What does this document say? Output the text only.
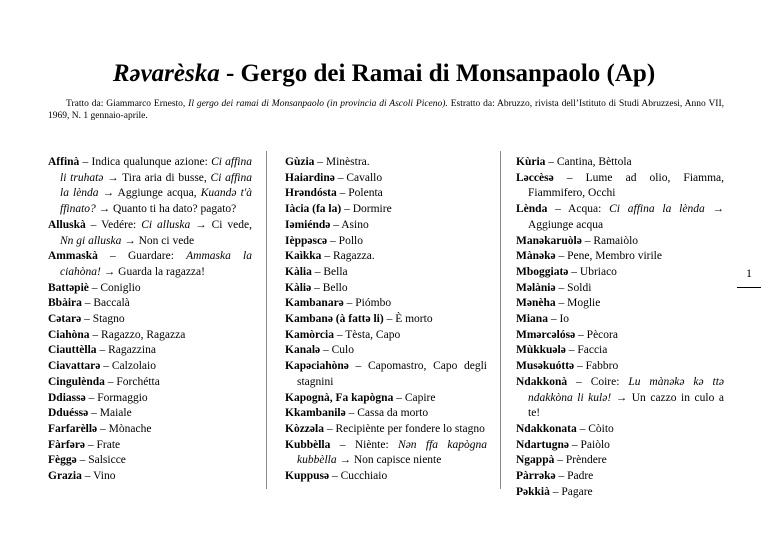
Rəvarèska - Gergo dei Ramai di Monsanpaolo (Ap)
Tratto da: Giammarco Ernesto, Il gergo dei ramai di Monsanpaolo (in provincia di Ascoli Piceno). Estratto da: Abruzzo, rivista dell’Istituto di Studi Abruzzesi, Anno VII, 1969, N. 1 gennaio-aprile.

Affinà – Indica qualunque azione: Ci affina li truhatə → Tira aria di busse, Ci affina la lènda → Aggiunge acqua, Kuandə t'à ffinato? → Quanto ti ha dato? pagato?

Alluskà – Vedére: Ci alluska → Ci vede, Nn gi alluska → Non ci vede

Ammaskà – Guardare: Ammaska la ciahòna! → Guarda la ragazza!

Battəpiè – Coniglio

Bbàira – Baccalà

Cətarə – Stagno

Ciahòna – Ragazzo, Ragazza

Ciauttèlla – Ragazzina

Ciavattarə – Calzolaio

Cingulènda – Forchétta

Ddiassə – Formaggio

Dduéssə – Maiale

Farfarèllə – Mònache

Fàrfərə – Frate

Fèggə – Salsicce

Grazia – Vino

Gùzia – Minèstra.

Haiardinə – Cavallo

Hrəndósta – Polenta

Iàcia (fa la) – Dormire

Iəmiéndə – Asino

Ièppəscə – Pollo

Kaìkka – Ragazza.

Kàlia – Bella

Kàliə – Bello

Kambanarə – Piómbo

Kambanə (à fattə li) – È morto

Kamòrcia – Tèsta, Capo

Kanalə – Culo

Kapəciahònə – Capomastro, Capo degli stagnini

Kapognà, Fa kapògna – Capire

Kkambanilə – Cassa da morto

Kòzzəla – Recipiènte per fondere lo stagno

Kubbèlla – Niènte: Nən ffa kapògna kubbèlla → Non capisce niente

Kuppusə – Cucchiaio

Kùria – Cantina, Bèttola

Ləccèsə – Lume ad olio, Fiamma, Fiammifero, Occhi

Lènda – Acqua: Ci affina la lènda → Aggiunge acqua

Manəkaruòlə – Ramaiòlo

Mànəkə – Pene, Membro virile

Mboggiatə – Ubriaco

Məlàniə – Soldi

Mənèha – Moglie

Miana – Io

Mmərcəlósə – Pècora

Mùkkuələ – Faccia

Musəkuóttə – Fabbro

Ndakkonà – Coire: Lu mànəkə kə ttə ndakkòna li kulə! → Un cazzo in culo a te!

Ndakkonata – Còito

Ndartugnə – Paiòlo

Ngappà – Prèndere

Pàrrəkə – Padre

Pəkkià – Pagare

1
